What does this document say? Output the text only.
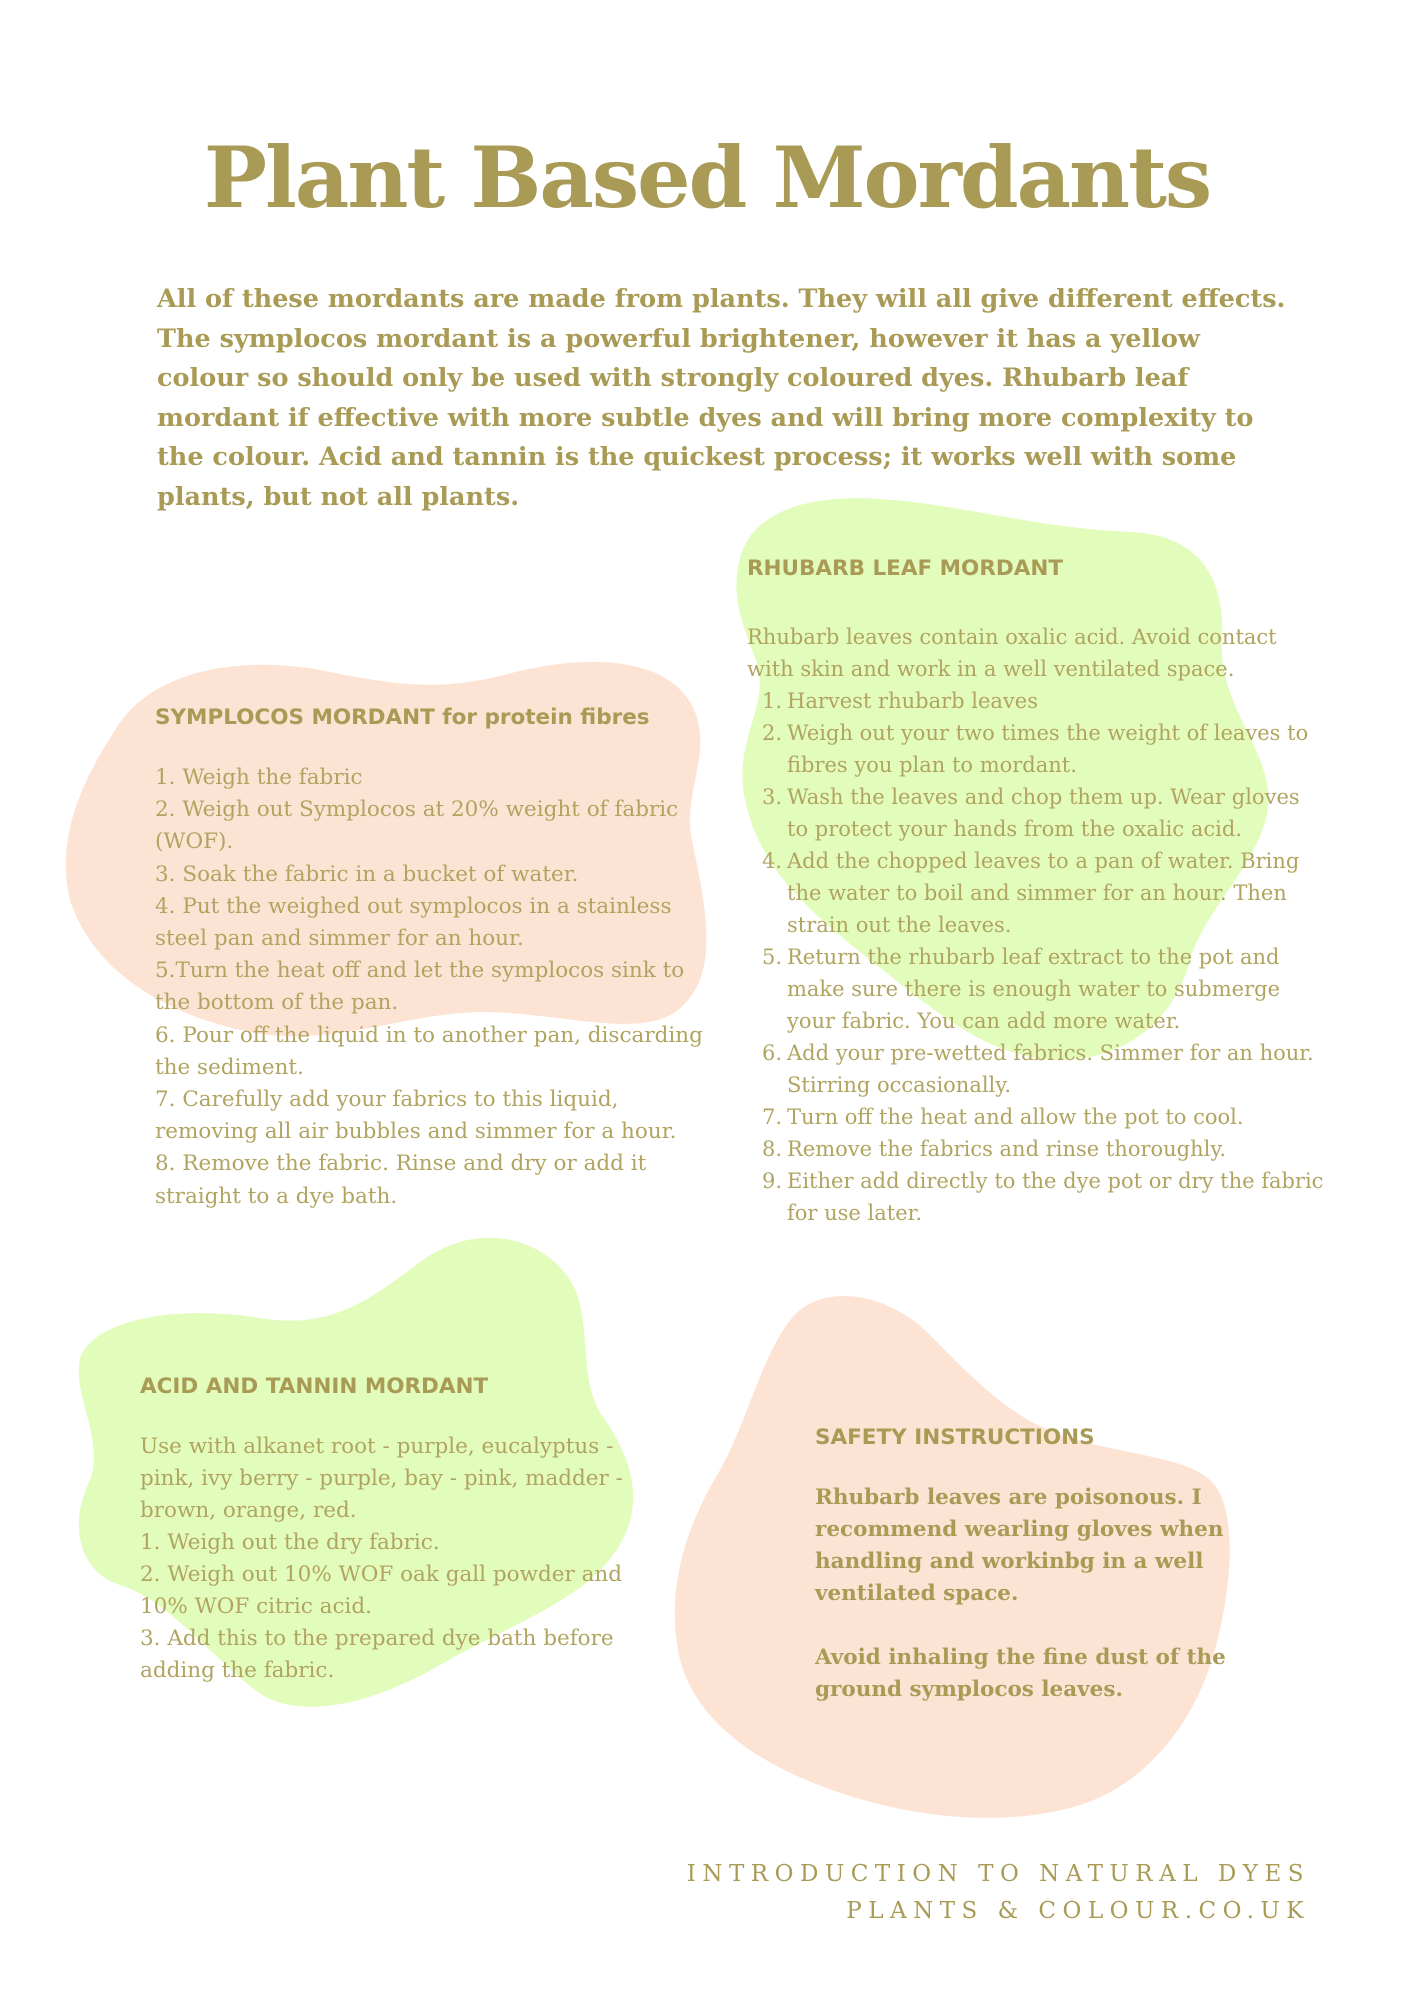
Plant Based Mordants

All of these mordants are made from plants. They will all give different effects. The symplocos mordant is a powerful brightener, however it has a yellow colour so should only be used with strongly coloured dyes. Rhubarb leaf mordant if effective with more subtle dyes and will bring more complexity to the colour. Acid and tannin is the quickest process; it works well with some plants, but not all plants.

SYMPLOCOS MORDANT for protein fibres
1. Weigh the fabric
2. Weigh out Symplocos at 20% weight of fabric (WOF).
3. Soak the fabric in a bucket of water.
4. Put the weighed out symplocos in a stainless steel pan and simmer for an hour.
5.Turn the heat off and let the symplocos sink to the bottom of the pan.
6. Pour off the liquid in to another pan, discarding the sediment.
7. Carefully add your fabrics to this liquid, removing all air bubbles and simmer for a hour.
8. Remove the fabric. Rinse and dry or add it straight to a dye bath.
RHUBARB LEAF MORDANT

Rhubarb leaves contain oxalic acid. Avoid contact with skin and work in a well ventilated space.

1. Harvest rhubarb leaves
2. Weigh out your two times the weight of leaves to fibres you plan to mordant.
3. Wash the leaves and chop them up. Wear gloves to protect your hands from the oxalic acid.
4. Add the chopped leaves to a pan of water. Bring the water to boil and simmer for an hour. Then strain out the leaves.
5. Return the rhubarb leaf extract to the pot and make sure there is enough water to submerge your fabric. You can add more water.
6. Add your pre-wetted fabrics. Simmer for an hour. Stirring occasionally.
7. Turn off the heat and allow the pot to cool.
8. Remove the fabrics and rinse thoroughly.
9. Either add directly to the dye pot or dry the fabric for use later.
ACID AND TANNIN MORDANT

Use with alkanet root - purple, eucalyptus - pink, ivy berry - purple, bay - pink, madder - brown, orange, red.

1. Weigh out the dry fabric.
2. Weigh out 10% WOF oak gall powder and 10% WOF citric acid.
3. Add this to the prepared dye bath before adding the fabric.
SAFETY INSTRUCTIONS

Rhubarb leaves are poisonous. I recommend wearling gloves when handling and workinbg in a well ventilated space.

Avoid inhaling the fine dust of the ground symplocos leaves.

INTRODUCTION TO NATURAL DYES
PLANTS & COLOUR.CO.UK
